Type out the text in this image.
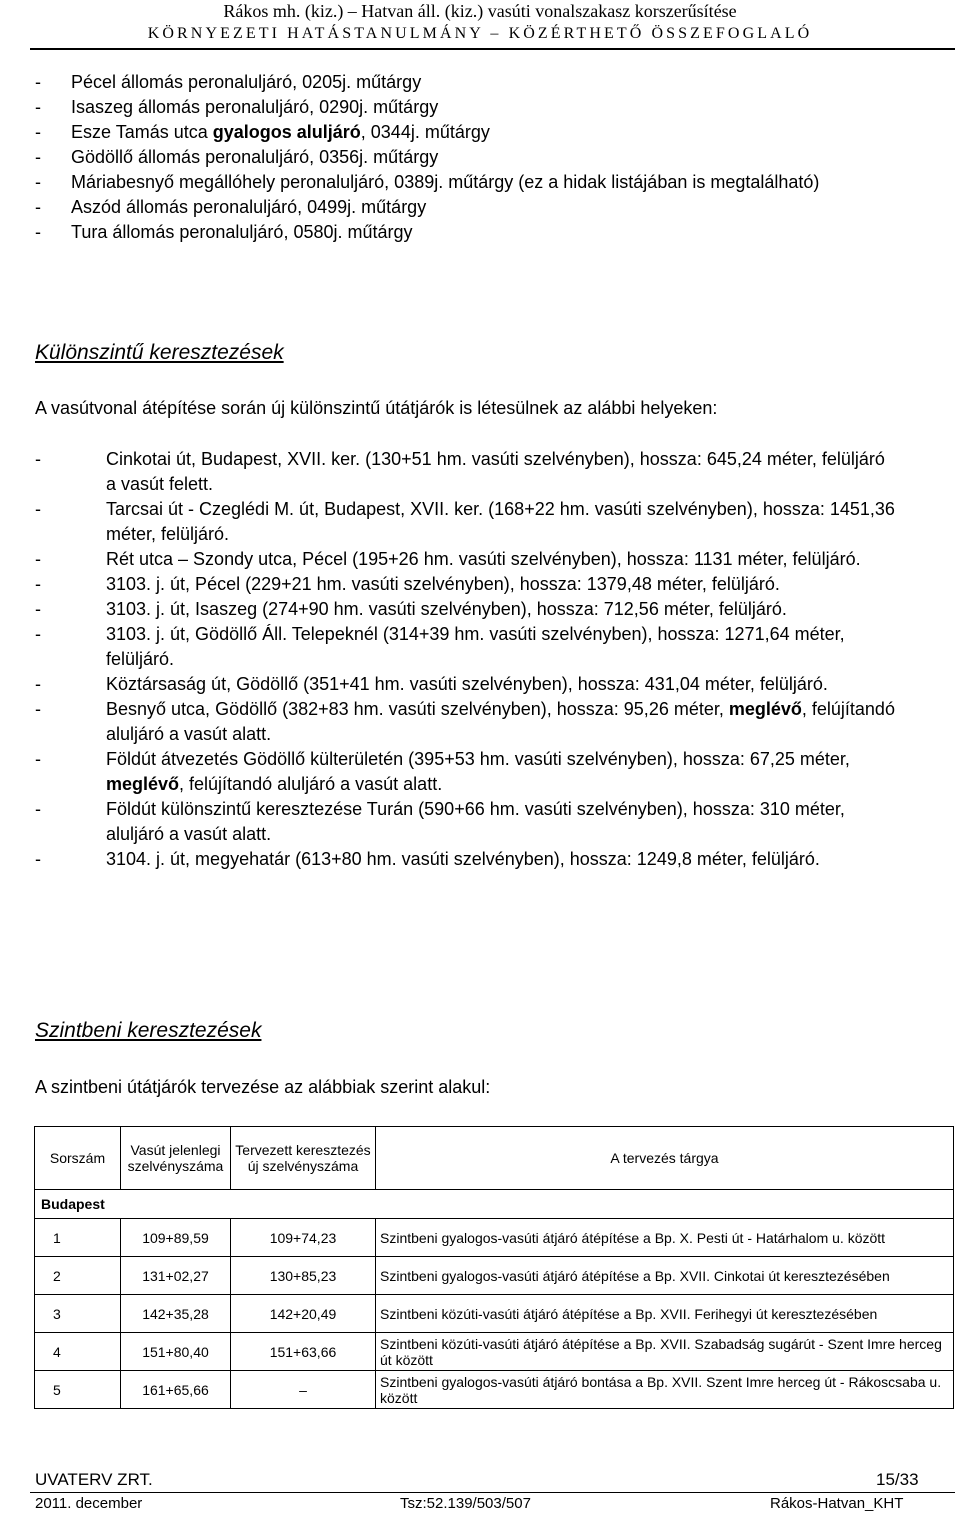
Rákos mh. (kiz.) – Hatvan áll. (kiz.) vasúti vonalszakasz korszerűsítése
KÖRNYEZETI HATÁSTANULMÁNY – KÖZÉRTHETŐ ÖSSZEFOGLALÓ
- Pécel állomás peronaluljáró, 0205j. műtárgy
- Isaszeg állomás peronaluljáró, 0290j. műtárgy
- Esze Tamás utca gyalogos aluljáró, 0344j. műtárgy
- Gödöllő állomás peronaluljáró, 0356j. műtárgy
- Máriabesnyő megállóhely peronaluljáró, 0389j. műtárgy (ez a hidak listájában is megtalálható)
- Aszód állomás peronaluljáró, 0499j. műtárgy
- Tura állomás peronaluljáró, 0580j. műtárgy
Különszintű keresztezések
A vasútvonal átépítése során új különszintű útátjárók is létesülnek az alábbi helyeken:
-	Cinkotai út, Budapest, XVII. ker. (130+51 hm. vasúti szelvényben), hossza: 645,24 méter, felüljáró a vasút felett.
-	Tarcsai út - Czeglédi M. út, Budapest, XVII. ker. (168+22 hm. vasúti szelvényben), hossza: 1451,36 méter, felüljáró.
-	Rét utca – Szondy utca, Pécel (195+26 hm. vasúti szelvényben), hossza: 1131 méter, felüljáró.
-	3103. j. út, Pécel (229+21 hm. vasúti szelvényben), hossza: 1379,48 méter, felüljáró.
-	3103. j. út, Isaszeg (274+90 hm. vasúti szelvényben), hossza: 712,56 méter, felüljáró.
-	3103. j. út, Gödöllő Áll. Telepeknél (314+39 hm. vasúti szelvényben), hossza: 1271,64 méter, felüljáró.
-	Köztársaság út, Gödöllő (351+41 hm. vasúti szelvényben), hossza: 431,04 méter, felüljáró.
-	Besnyő utca, Gödöllő (382+83 hm. vasúti szelvényben), hossza: 95,26 méter, meglévő, felújítandó aluljáró a vasút alatt.
-	Földút átvezetés Gödöllő külterületén (395+53 hm. vasúti szelvényben), hossza: 67,25 méter, meglévő, felújítandó aluljáró a vasút alatt.
-	Földút különszintű keresztezése Turán (590+66 hm. vasúti szelvényben), hossza: 310 méter, aluljáró a vasút alatt.
-	3104. j. út, megyehatár (613+80 hm. vasúti szelvényben), hossza: 1249,8 méter, felüljáró.
Szintbeni keresztezések
A szintbeni útátjárók tervezése az alábbiak szerint alakul:
Sorszám	Vasút jelenlegi szelvényszáma	Tervezett keresztezés új szelvényszáma	A tervezés tárgya
Budapest			
1	109+89,59	109+74,23	Szintbeni gyalogos-vasúti átjáró átépítése a Bp. X. Pesti út - Határhalom u. között
2	131+02,27	130+85,23	Szintbeni gyalogos-vasúti átjáró átépítése a Bp. XVII. Cinkotai út keresztezésében
3	142+35,28	142+20,49	Szintbeni közúti-vasúti átjáró átépítése a Bp. XVII. Ferihegyi út keresztezésében
4	151+80,40	151+63,66	Szintbeni közúti-vasúti átjáró átépítése a Bp. XVII. Szabadság sugárút - Szent Imre herceg út között
5	161+65,66	–	Szintbeni gyalogos-vasúti átjáró bontása a Bp. XVII. Szent Imre herceg út - Rákoscsaba u. között
UVATERV ZRT.	15/33
2011. december	Tsz:52.139/503/507	Rákos-Hatvan_KHT
